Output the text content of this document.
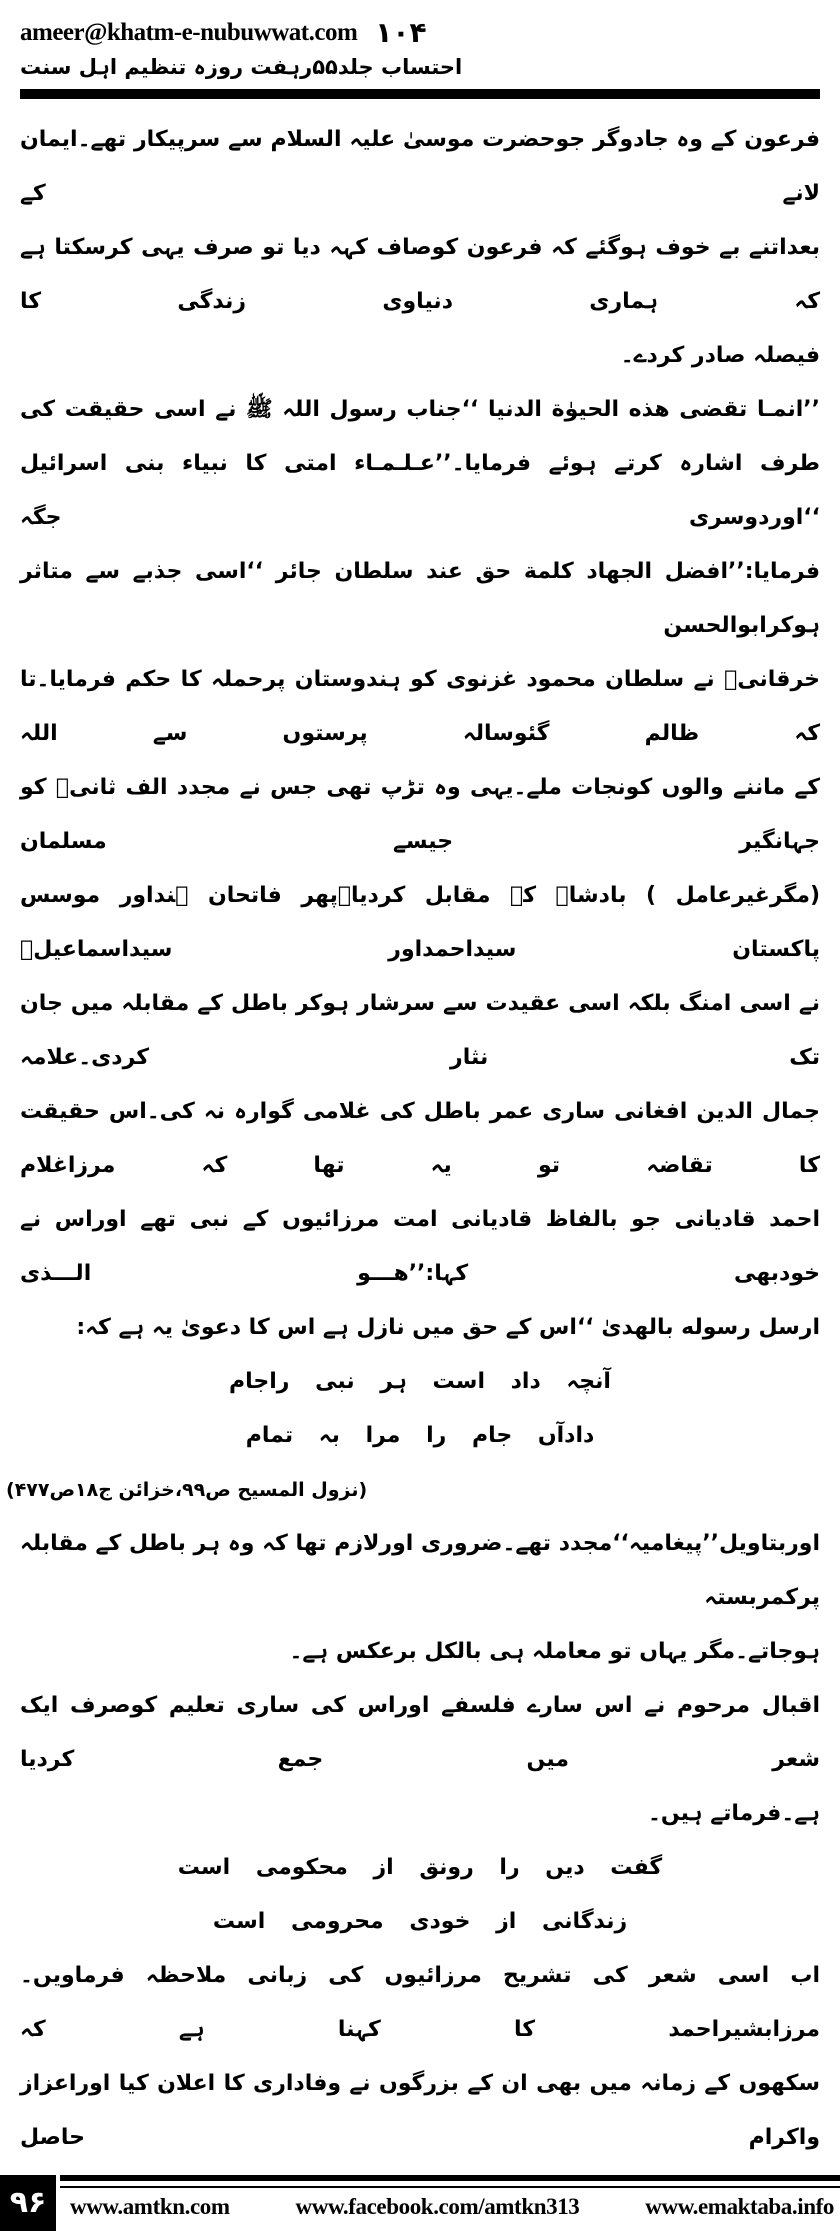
ameer@khatm-e-nubuwwat.com ۱۰۴
احتساب جلد۵۵رہفت روزہ تنظیم اہل سنت
فرعون کے وہ جادوگر جوحضرت موسیٰ علیہ السلام سے سرپیکار تھے۔ایمان لانے کے
بعداتنے بے خوف ہوگئے کہ فرعون کوصاف کہہ دیا تو صرف یہی کرسکتا ہے کہ ہماری دنیاوی زندگی کا
فیصلہ صادر کردے۔
’’انمـا تقضی هذه الحیوٰة الدنیا ‘‘جناب رسول اللہ ﷺ نے اسی حقیقت کی
طرف اشارہ کرتے ہوئے فرمایا۔’’عـلـمـاء امتی کا نبیاء بنی اسرائیل ‘‘اوردوسری جگہ
فرمایا:’’افضل الجهاد کلمة حق عند سلطان جائر ‘‘اسی جذبے سے متاثر ہوکرابوالحسن
خرقانیؒ نے سلطان محمود غزنوی کو ہندوستان پرحملہ کا حکم فرمایا۔تا کہ ظالم گئوسالہ پرستوں سے اللہ
کے ماننے والوں کونجات ملے۔یہی وہ تڑپ تھی جس نے مجدد الف ثانیؒ کو جہانگیر جیسے مسلمان
(مگرغیرعامل ) بادشاہ کے مقابل کردیا۔پھر فاتحان ہنداور موسس پاکستان سیداحمداور سیداسماعیلؒ
نے اسی امنگ بلکہ اسی عقیدت سے سرشار ہوکر باطل کے مقابلہ میں جان تک نثار کردی۔علامہ
جمال الدین افغانی ساری عمر باطل کی غلامی گوارہ نہ کی۔اس حقیقت کا تقاضہ تو یہ تھا کہ مرزاغلام
احمد قادیانی جو بالفاظ قادیانی امت مرزائیوں کے نبی تھے اوراس نے خودبھی کہا:’’هـــو الـــذی
ارسل رسوله بالهدیٰ ‘‘اس کے حق میں نازل ہے اس کا دعویٰ یہ ہے کہ:
آنچہ داد است ہر نبی راجام
دادآں جام را مرا بہ تمام
(نزول المسیح ص۹۹،خزائن ج۱۸ص۴۷۷)
اوربتاویل’’پیغامیہ‘‘مجدد تھے۔ضروری اورلازم تھا کہ وہ ہر باطل کے مقابلہ پرکمربستہ
ہوجاتے۔مگر یہاں تو معاملہ ہی بالکل برعکس ہے۔
اقبال مرحوم نے اس سارے فلسفے اوراس کی ساری تعلیم کوصرف ایک شعر میں جمع کردیا
ہے۔فرماتے ہیں۔
گفت دیں را رونق از محکومی است
زندگانی از خودی محرومی است
اب اسی شعر کی تشریح مرزائیوں کی زبانی ملاحظہ فرماویں۔مرزابشیراحمد کا کہنا ہے کہ
سکھوں کے زمانہ میں بھی ان کے بزرگوں نے وفاداری کا اعلان کیا اوراعزاز واکرام حاصل
۹۶	www.amtkn.com www.facebook.com/amtkn313 www.emaktaba.info
